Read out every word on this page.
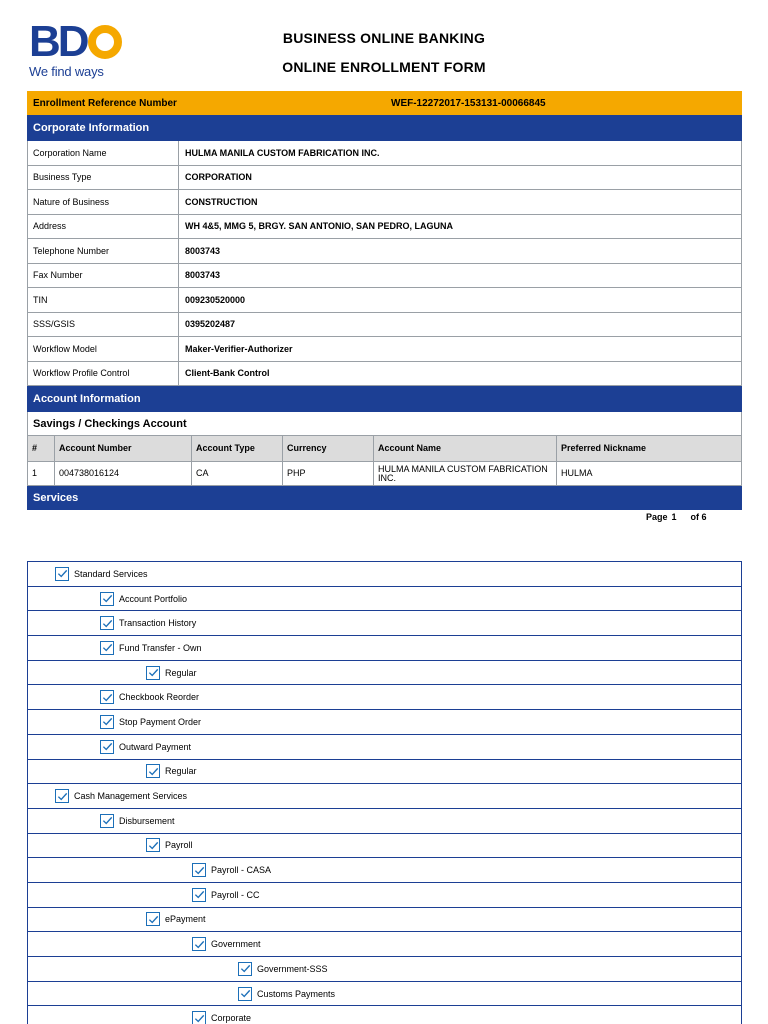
BD
We find ways
BUSINESS ONLINE BANKING
ONLINE ENROLLMENT FORM
Enrollment Reference Number	WEF-12272017-153131-00066845
Corporate Information
Corporation Name	HULMA MANILA CUSTOM FABRICATION INC.
Business Type	CORPORATION
Nature of Business	CONSTRUCTION
Address	WH 4&5, MMG 5, BRGY. SAN ANTONIO, SAN PEDRO, LAGUNA
Telephone Number	8003743
Fax Number	8003743
TIN	009230520000
SSS/GSIS	0395202487
Workflow Model	Maker-Verifier-Authorizer
Workflow Profile Control	Client-Bank Control
Account Information
Savings / Checkings Account
#	Account Number	Account Type	Currency	Account Name	Preferred Nickname
1	004738016124	CA	PHP	HULMA MANILA CUSTOM FABRICATION INC.	HULMA
Services
Page 1 of 6
Standard Services
Account Portfolio
Transaction History
Fund Transfer - Own
Regular
Checkbook Reorder
Stop Payment Order
Outward Payment
Regular
Cash Management Services
Disbursement
Payroll
Payroll - CASA
Payroll - CC
ePayment
Government
Government-SSS
Customs Payments
Corporate
